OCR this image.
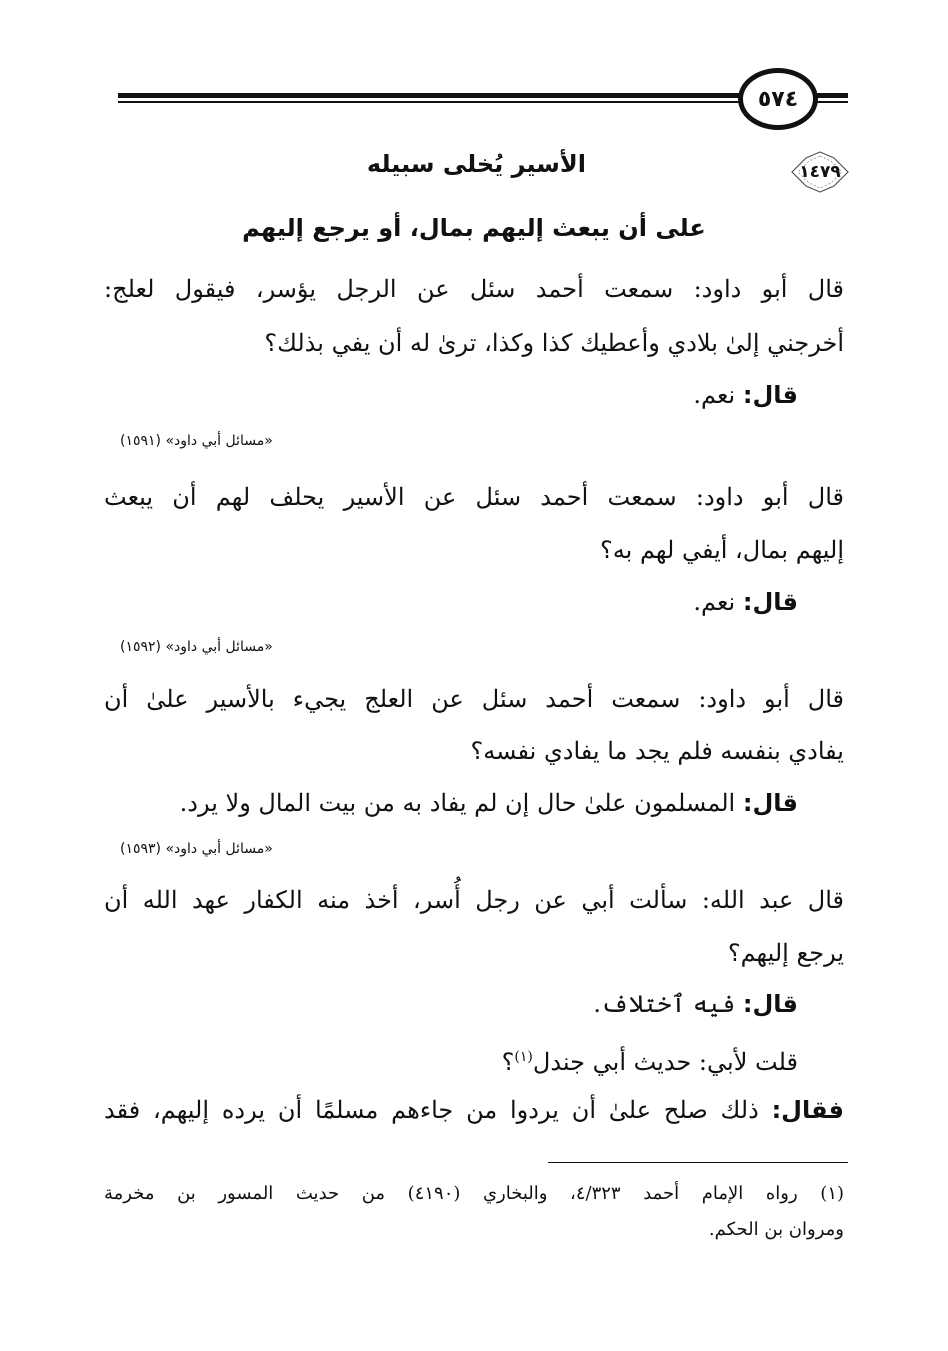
٥٧٤
١٤٧٩
الأسير يُخلى سبيله
على أن يبعث إليهم بمال، أو يرجع إليهم
قال أبو داود: سمعت أحمد سئل عن الرجل يؤسر، فيقول لعلج:
أخرجني إلىٰ بلادي وأعطيك كذا وكذا، ترىٰ له أن يفي بذلك؟
قال: نعم.
«مسائل أبي داود» (١٥٩١)
قال أبو داود: سمعت أحمد سئل عن الأسير يحلف لهم أن يبعث
إليهم بمال، أيفي لهم به؟
قال: نعم.
«مسائل أبي داود» (١٥٩٢)
قال أبو داود: سمعت أحمد سئل عن العلج يجيء بالأسير علىٰ أن
يفادي بنفسه فلم يجد ما يفادي نفسه؟
قال: المسلمون علىٰ حال إن لم يفاد به من بيت المال ولا يرد.
«مسائل أبي داود» (١٥٩٣)
قال عبد الله: سألت أبي عن رجل أُسر، أخذ منه الكفار عهد الله أن
يرجع إليهم؟
قال: فيه ٱختلاف.
قلت لأبي: حديث أبي جندل$^{(١)}$؟
فقال: ذلك صلح علىٰ أن يردوا من جاءهم مسلمًا أن يرده إليهم، فقد
(١) رواه الإمام أحمد ٤/٣٢٣، والبخاري (٤١٩٠) من حديث المسور بن مخرمة
ومروان بن الحكم.
